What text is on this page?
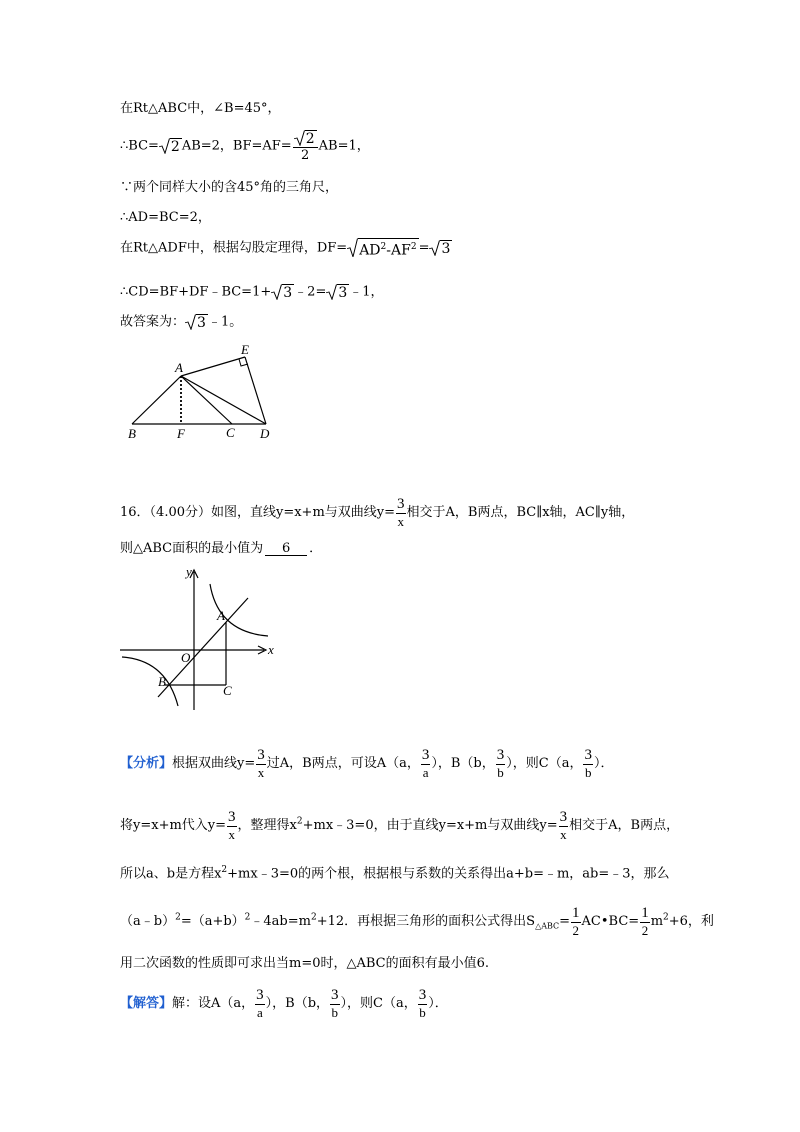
在Rt△ABC中，∠B=45°，
∴BC= 2 AB=2，$BF=AF= \frac{2}{2} AB=1$，
∵两个同样大小的含45°角的三角尺，
∴AD=BC=2，
在Rt△ADF中，根据勾股定理得，$DF= AD^2-AF^2 = 3$
∴CD=BF+DF﹣BC=1+ 3 ﹣2= 3 ﹣1，
故答案为： 3 ﹣1。
A
B	F	C D
E
16．（4.00分）如图，直线y=x+m与双曲线$y= \frac{3}{x}$ 相交于A，B两点，BC∥x轴，AC∥y轴，
则△ABC面积的最小值为 6 ．
y
x
O
A
B
C
【分析】根据双曲线$y= \frac{3}{x}$ 过A，B两点，可设A（a， $\frac{3}{a}$ ），B（b， $\frac{3}{b}$ ），则C（a， $\frac{3}{b}$ ）．
将y=x+m代入$y= \frac{3}{x}$ ，整理得$x^2+mx﹣3=0$，由于直线y=x+m与双曲线$y= \frac{3}{x}$ 相交于A，B两点，
所以a、b是方程$x^2+mx﹣3=0$的两个根，根据根与系数的关系得出a+b=﹣m，ab=﹣3，那么
$(a﹣b)^2=(a+b)^2﹣4ab=m^2+12$．再根据三角形的面积公式得出$S_{\triangle ABC}= \frac{1}{2}$ AC•BC= $\frac{1}{2} m^2+6$，利
用二次函数的性质即可求出当m=0时，△ABC的面积有最小值6.
【解答】解：设A（a， $\frac{3}{a}$ ），B（b， $\frac{3}{b}$ ），则C（a， $\frac{3}{b}$ ）．
